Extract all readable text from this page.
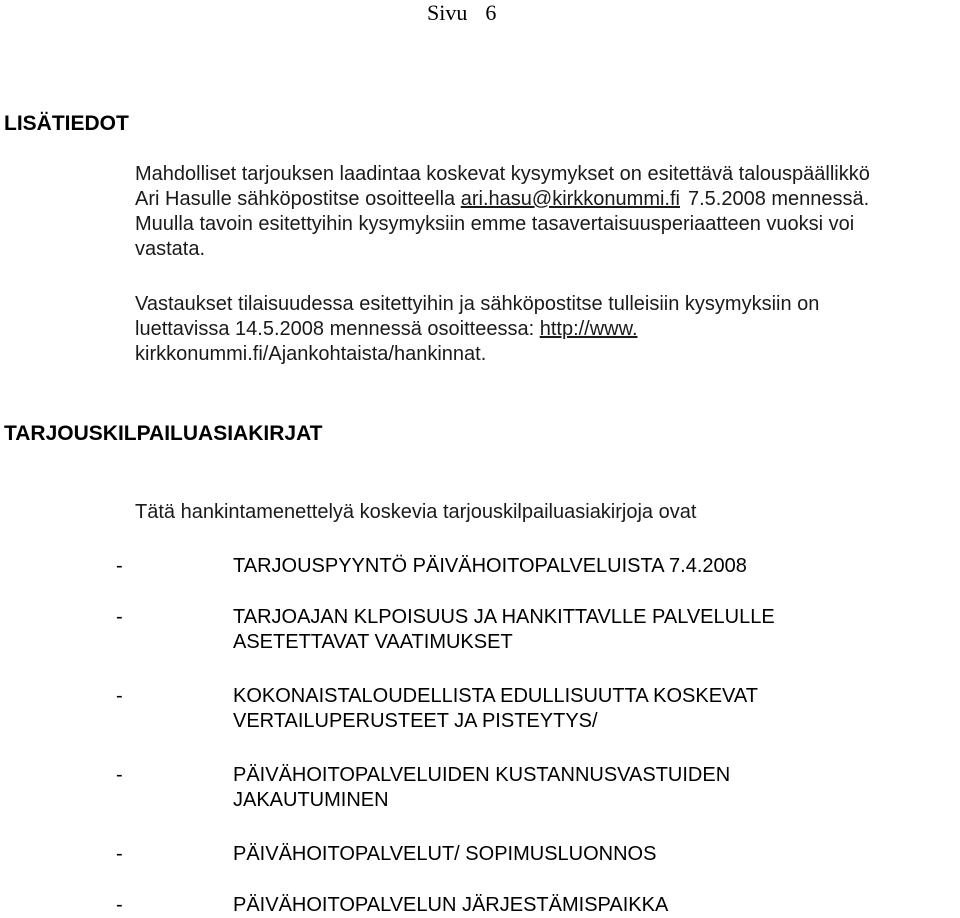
Sivu 6
LISÄTIEDOT
Mahdolliset tarjouksen laadintaa koskevat kysymykset on esitettävä talouspäällikkö
Ari Hasulle sähköpostitse osoitteella ari.hasu@kirkkonummi.fi 7.5.2008 mennessä.
Muulla tavoin esitettyihin kysymyksiin emme tasavertaisuusperiaatteen vuoksi voi
vastata.
Vastaukset tilaisuudessa esitettyihin ja sähköpostitse tulleisiin kysymyksiin on
luettavissa 14.5.2008 mennessä osoitteessa: http://www.
kirkkonummi.fi/Ajankohtaista/hankinnat.
TARJOUSKILPAILUASIAKIRJAT
Tätä hankintamenettelyä koskevia tarjouskilpailuasiakirjoja ovat
-	TARJOUSPYYNTÖ PÄIVÄHOITOPALVELUISTA 7.4.2008
-	TARJOAJAN KLPOISUUS JA HANKITTAVLLE PALVELULLE
ASETETTAVAT VAATIMUKSET
-	KOKONAISTALOUDELLISTA EDULLISUUTTA KOSKEVAT
VERTAILUPERUSTEET JA PISTEYTYS/
-	PÄIVÄHOITOPALVELUIDEN KUSTANNUSVASTUIDEN
JAKAUTUMINEN
-	PÄIVÄHOITOPALVELUT/ SOPIMUSLUONNOS
-	PÄIVÄHOITOPALVELUN JÄRJESTÄMISPAIKKA
